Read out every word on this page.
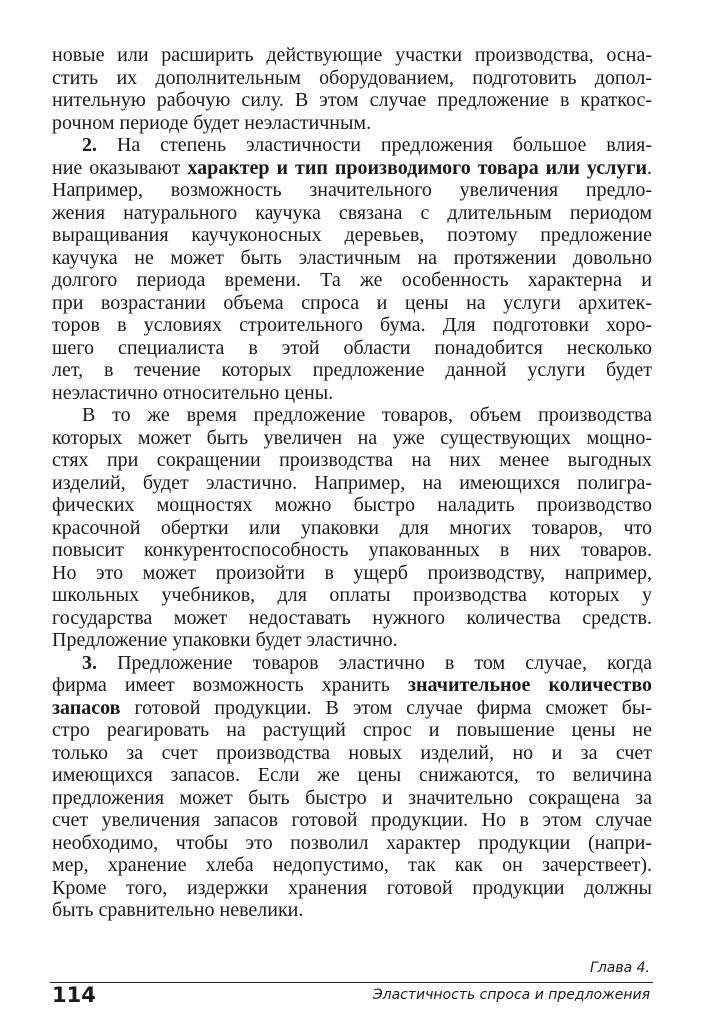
новые или расширить действующие участки производства, осна-
стить их дополнительным оборудованием, подготовить допол-
нительную рабочую силу. В этом случае предложение в краткос-
рочном периоде будет неэластичным.
2. На степень эластичности предложения большое влия-
ние оказывают характер и тип производимого товара или услуги.
Например, возможность значительного увеличения предло-
жения натурального каучука связана с длительным периодом
выращивания каучуконосных деревьев, поэтому предложение
каучука не может быть эластичным на протяжении довольно
долгого периода времени. Та же особенность характерна и
при возрастании объема спроса и цены на услуги архитек-
торов в условиях строительного бума. Для подготовки хоро-
шего специалиста в этой области понадобится несколько
лет, в течение которых предложение данной услуги будет
неэластично относительно цены.
В то же время предложение товаров, объем производства
которых может быть увеличен на уже существующих мощно-
стях при сокращении производства на них менее выгодных
изделий, будет эластично. Например, на имеющихся полигра-
фических мощностях можно быстро наладить производство
красочной обертки или упаковки для многих товаров, что
повысит конкурентоспособность упакованных в них товаров.
Но это может произойти в ущерб производству, например,
школьных учебников, для оплаты производства которых у
государства может недоставать нужного количества средств.
Предложение упаковки будет эластично.
3. Предложение товаров эластично в том случае, когда
фирма имеет возможность хранить значительное количество
запасов готовой продукции. В этом случае фирма сможет бы-
стро реагировать на растущий спрос и повышение цены не
только за счет производства новых изделий, но и за счет
имеющихся запасов. Если же цены снижаются, то величина
предложения может быть быстро и значительно сокращена за
счет увеличения запасов готовой продукции. Но в этом случае
необходимо, чтобы это позволил характер продукции (напри-
мер, хранение хлеба недопустимо, так как он зачерствеет).
Кроме того, издержки хранения готовой продукции должны
быть сравнительно невелики.
Глава 4.
114	Эластичность спроса и предложения
